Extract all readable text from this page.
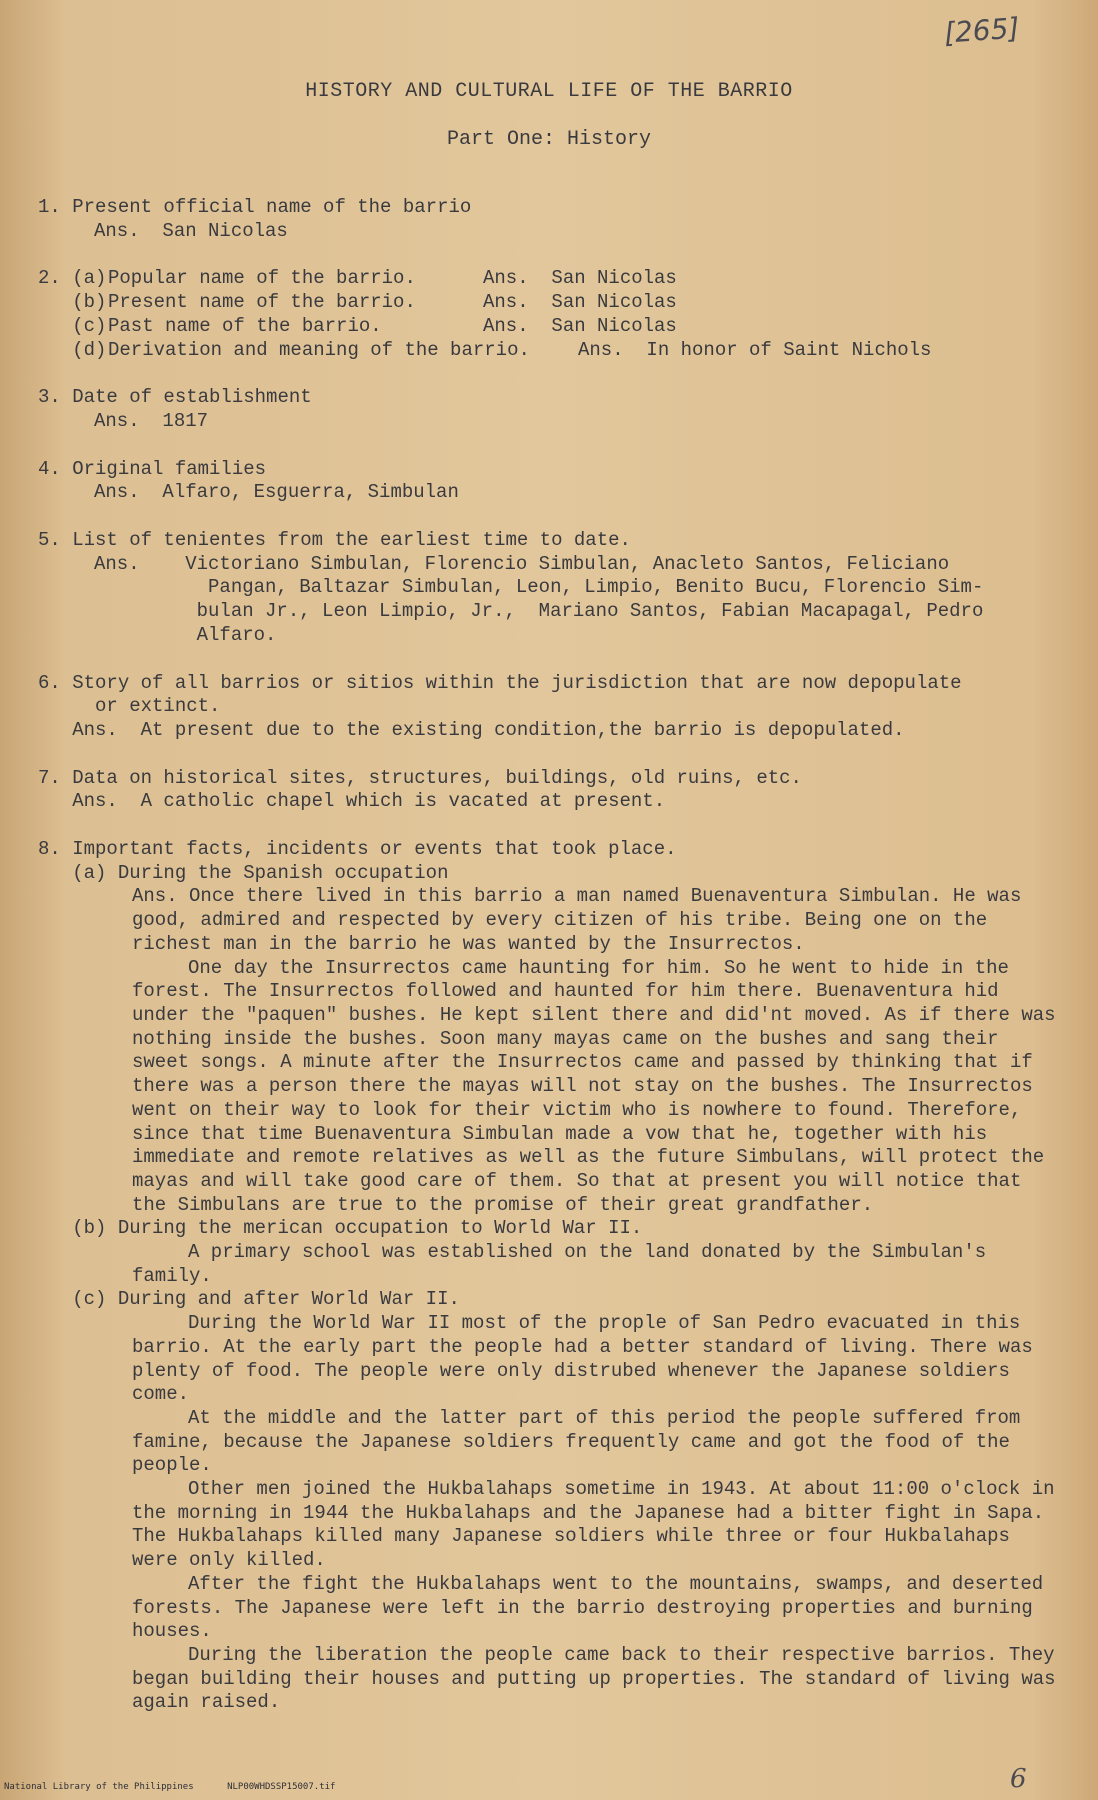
[265]
HISTORY AND CULTURAL LIFE OF THE BARRIO
Part One: History
1. Present official name of the barrio
Ans.  San Nicolas
2. (a) Popular name of the barrio.	Ans.  San Nicolas
(b) Present name of the barrio.	Ans.  San Nicolas
(c) Past name of the barrio.	Ans.  San Nicolas
(d) Derivation and meaning of the barrio.	Ans.  In honor of Saint Nichols
3. Date of establishment
Ans.  1817
4. Original families
Ans.  Alfaro, Esguerra, Simbulan
5. List of tenientes from the earliest time to date.
Ans.    Victoriano Simbulan, Florencio Simbulan, Anacleto Santos, Feliciano
Pangan, Baltazar Simbulan, Leon, Limpio, Benito Bucu, Florencio Sim-
bulan Jr., Leon Limpio, Jr.,  Mariano Santos, Fabian Macapagal, Pedro
Alfaro.
6. Story of all barrios or sitios within the jurisdiction that are now depopulate
or extinct.
Ans.  At present due to the existing condition,the barrio is depopulated.
7. Data on historical sites, structures, buildings, old ruins, etc.
Ans.  A catholic chapel which is vacated at present.
8. Important facts, incidents or events that took place.
(a) During the Spanish occupation

Ans. Once there lived in this barrio a man named Buenaventura Simbulan. He was good, admired and respected by every citizen of his tribe. Being one on the richest man in the barrio he was wanted by the Insurrectos.

One day the Insurrectos came haunting for him. So he went to hide in the forest. The Insurrectos followed and haunted for him there. Buenaventura hid under the "paquen" bushes. He kept silent there and did'nt moved. As if there was nothing inside the bushes. Soon many mayas came on the bushes and sang their sweet songs. A minute after the Insurrectos came and passed by thinking that if there was a person there the mayas will not stay on the bushes. The Insurrectos went on their way to look for their victim who is nowhere to found. Therefore, since that time Buenaventura Simbulan made a vow that he, together with his immediate and remote relatives as well as the future Simbulans, will protect the mayas and will take good care of them. So that at present you will notice that the Simbulans are true to the promise of their great grandfather.

(b) During the merican occupation to World War II.

A primary school was established on the land donated by the Simbulan's family.

(c) During and after World War II.

During the World War II most of the prople of San Pedro evacuated in this barrio. At the early part the people had a better standard of living. There was plenty of food. The people were only distrubed whenever the Japanese soldiers come.

At the middle and the latter part of this period the people suffered from famine, because the Japanese soldiers frequently came and got the food of the people.

Other men joined the Hukbalahaps sometime in 1943. At about 11:00 o'clock in the morning in 1944 the Hukbalahaps and the Japanese had a bitter fight in Sapa. The Hukbalahaps killed many Japanese soldiers while three or four Hukbalahaps were only killed.

After the fight the Hukbalahaps went to the mountains, swamps, and deserted forests. The Japanese were left in the barrio destroying properties and burning houses.

During the liberation the people came back to their respective barrios. They began building their houses and putting up properties. The standard of living was again raised.

National Library of the Philippines	NLP00WHDSSP15007.tif	6
